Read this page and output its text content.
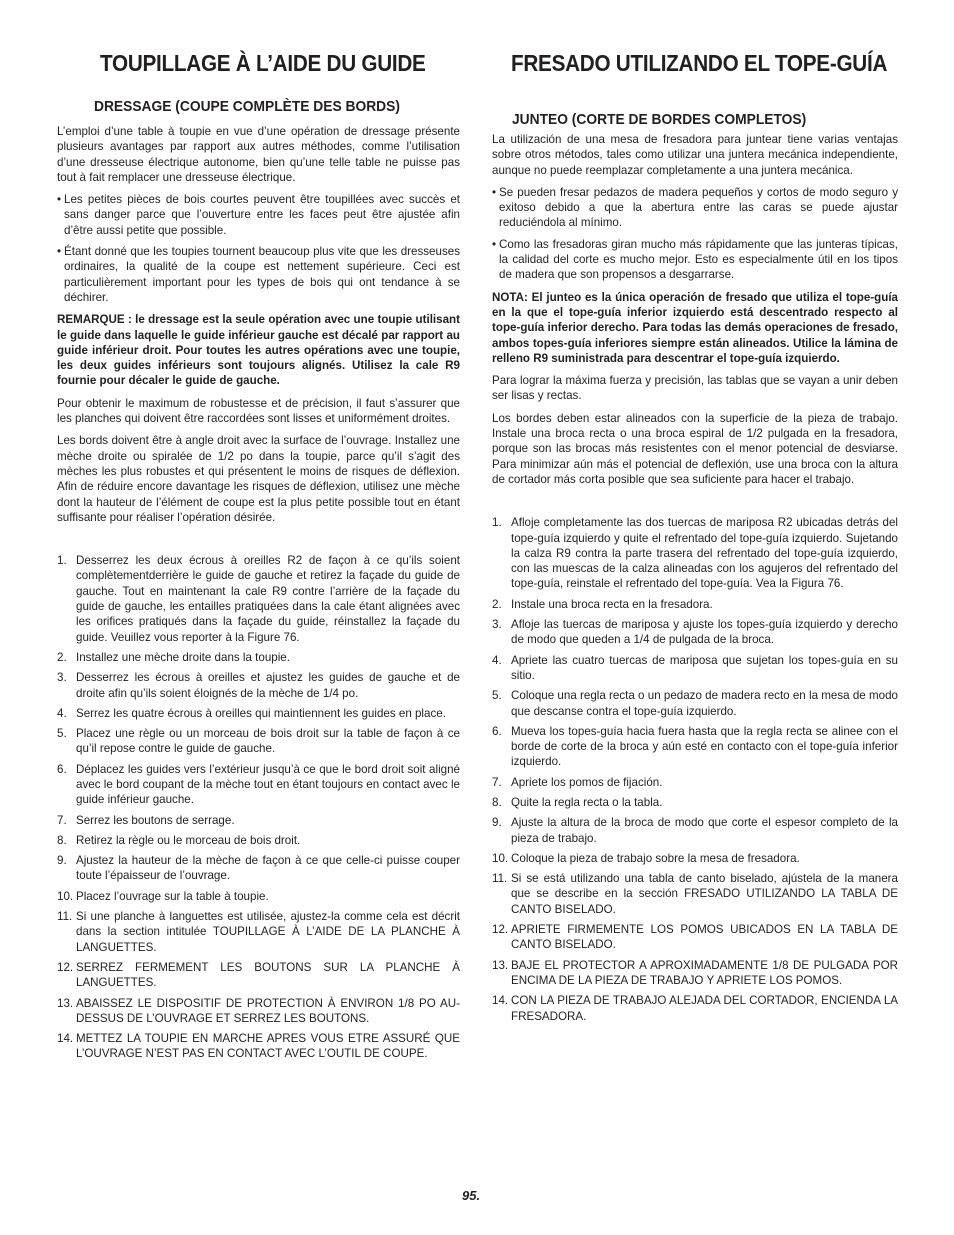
TOUPILLAGE À L’AIDE DU GUIDE
DRESSAGE (COUPE COMPLÈTE DES BORDS)

L’emploi d’une table à toupie en vue d’une opération de dressage présente plusieurs avantages par rapport aux autres méthodes, comme l’utilisation d’une dresseuse électrique autonome, bien qu’une telle table ne puisse pas tout à fait remplacer une dresseuse électrique.

• Les petites pièces de bois courtes peuvent être toupillées avec succès et sans danger parce que l’ouverture entre les faces peut être ajustée afin d’être aussi petite que possible.
• Étant donné que les toupies tournent beaucoup plus vite que les dresseuses ordinaires, la qualité de la coupe est nettement supérieure. Ceci est particulièrement important pour les types de bois qui ont tendance à se déchirer.

REMARQUE : le dressage est la seule opération avec une toupie utilisant le guide dans laquelle le guide inférieur gauche est décalé par rapport au guide inférieur droit. Pour toutes les autres opérations avec une toupie, les deux guides inférieurs sont toujours alignés. Utilisez la cale R9 fournie pour décaler le guide de gauche.

Pour obtenir le maximum de robustesse et de précision, il faut s’assurer que les planches qui doivent être raccordées sont lisses et uniformément droites.

Les bords doivent être à angle droit avec la surface de l’ouvrage. Installez une mèche droite ou spiralée de 1/2 po dans la toupie, parce qu’il s’agit des mèches les plus robustes et qui présentent le moins de risques de déflexion. Afin de réduire encore davantage les risques de déflexion, utilisez une mèche dont la hauteur de l’élément de coupe est la plus petite possible tout en étant suffisante pour réaliser l’opération désirée.

1. Desserrez les deux écrous à oreilles R2 de façon à ce qu’ils soient complètementderrière le guide de gauche et retirez la façade du guide de gauche. Tout en maintenant la cale R9 contre l’arrière de la façade du guide de gauche, les entailles pratiquées dans la cale étant alignées avec les orifices pratiqués dans la façade du guide, réinstallez la façade du guide. Veuillez vous reporter à la Figure 76.
2. Installez une mèche droite dans la toupie.
3. Desserrez les écrous à oreilles et ajustez les guides de gauche et de droite afin qu’ils soient éloignés de la mèche de 1/4 po.
4. Serrez les quatre écrous à oreilles qui maintiennent les guides en place.
5. Placez une règle ou un morceau de bois droit sur la table de façon à ce qu’il repose contre le guide de gauche.
6. Déplacez les guides vers l’extérieur jusqu’à ce que le bord droit soit aligné avec le bord coupant de la mèche tout en étant toujours en contact avec le guide inférieur gauche.
7. Serrez les boutons de serrage.
8. Retirez la règle ou le morceau de bois droit.
9. Ajustez la hauteur de la mèche de façon à ce que celle-ci puisse couper toute l’épaisseur de l’ouvrage.
10. Placez l’ouvrage sur la table à toupie.
11. Si une planche à languettes est utilisée, ajustez-la comme cela est décrit dans la section intitulée TOUPILLAGE À L’AIDE DE LA PLANCHE À LANGUETTES.
12. SERREZ FERMEMENT LES BOUTONS SUR LA PLANCHE À LANGUETTES.
13. ABAISSEZ LE DISPOSITIF DE PROTECTION À ENVIRON 1/8 PO AU-DESSUS DE L’OUVRAGE ET SERREZ LES BOUTONS.
14. METTEZ LA TOUPIE EN MARCHE APRES VOUS ETRE ASSURÉ QUE L’OUVRAGE N’EST PAS EN CONTACT AVEC L’OUTIL DE COUPE.
FRESADO UTILIZANDO EL TOPE-GUÍA
JUNTEO (CORTE DE BORDES COMPLETOS)

La utilización de una mesa de fresadora para juntear tiene varias ventajas sobre otros métodos, tales como utilizar una juntera mecánica independiente, aunque no puede reemplazar completamente a una juntera mecánica.

• Se pueden fresar pedazos de madera pequeños y cortos de modo seguro y exitoso debido a que la abertura entre las caras se puede ajustar reduciéndola al mínimo.
• Como las fresadoras giran mucho más rápidamente que las junteras típicas, la calidad del corte es mucho mejor. Esto es especialmente útil en los tipos de madera que son propensos a desgarrarse.

NOTA: El junteo es la única operación de fresado que utiliza el tope-guía en la que el tope-guía inferior izquierdo está descentrado respecto al tope-guía inferior derecho. Para todas las demás operaciones de fresado, ambos topes-guía inferiores siempre están alineados. Utilice la lámina de relleno R9 suministrada para descentrar el tope-guía izquierdo.

Para lograr la máxima fuerza y precisión, las tablas que se vayan a unir deben ser lisas y rectas.

Los bordes deben estar alineados con la superficie de la pieza de trabajo. Instale una broca recta o una broca espiral de 1/2 pulgada en la fresadora, porque son las brocas más resistentes con el menor potencial de desviarse. Para minimizar aún más el potencial de deflexión, use una broca con la altura de cortador más corta posible que sea suficiente para hacer el trabajo.

1. Afloje completamente las dos tuercas de mariposa R2 ubicadas detrás del tope-guía izquierdo y quite el refrentado del tope-guía izquierdo. Sujetando la calza R9 contra la parte trasera del refrentado del tope-guía izquierdo, con las muescas de la calza alineadas con los agujeros del refrentado del tope-guía, reinstale el refrentado del tope-guía. Vea la Figura 76.
2. Instale una broca recta en la fresadora.
3. Afloje las tuercas de mariposa y ajuste los topes-guía izquierdo y derecho de modo que queden a 1/4 de pulgada de la broca.
4. Apriete las cuatro tuercas de mariposa que sujetan los topes-guía en su sitio.
5. Coloque una regla recta o un pedazo de madera recto en la mesa de modo que descanse contra el tope-guía izquierdo.
6. Mueva los topes-guía hacia fuera hasta que la regla recta se alinee con el borde de corte de la broca y aún esté en contacto con el tope-guía inferior izquierdo.
7. Apriete los pomos de fijación.
8. Quite la regla recta o la tabla.
9. Ajuste la altura de la broca de modo que corte el espesor completo de la pieza de trabajo.
10. Coloque la pieza de trabajo sobre la mesa de fresadora.
11. Si se está utilizando una tabla de canto biselado, ajústela de la manera que se describe en la sección FRESADO UTILIZANDO LA TABLA DE CANTO BISELADO.
12. APRIETE FIRMEMENTE LOS POMOS UBICADOS EN LA TABLA DE CANTO BISELADO.
13. BAJE EL PROTECTOR A APROXIMADAMENTE 1/8 DE PULGADA POR ENCIMA DE LA PIEZA DE TRABAJO Y APRIETE LOS POMOS.
14. CON LA PIEZA DE TRABAJO ALEJADA DEL CORTADOR, ENCIENDA LA FRESADORA.

95.
